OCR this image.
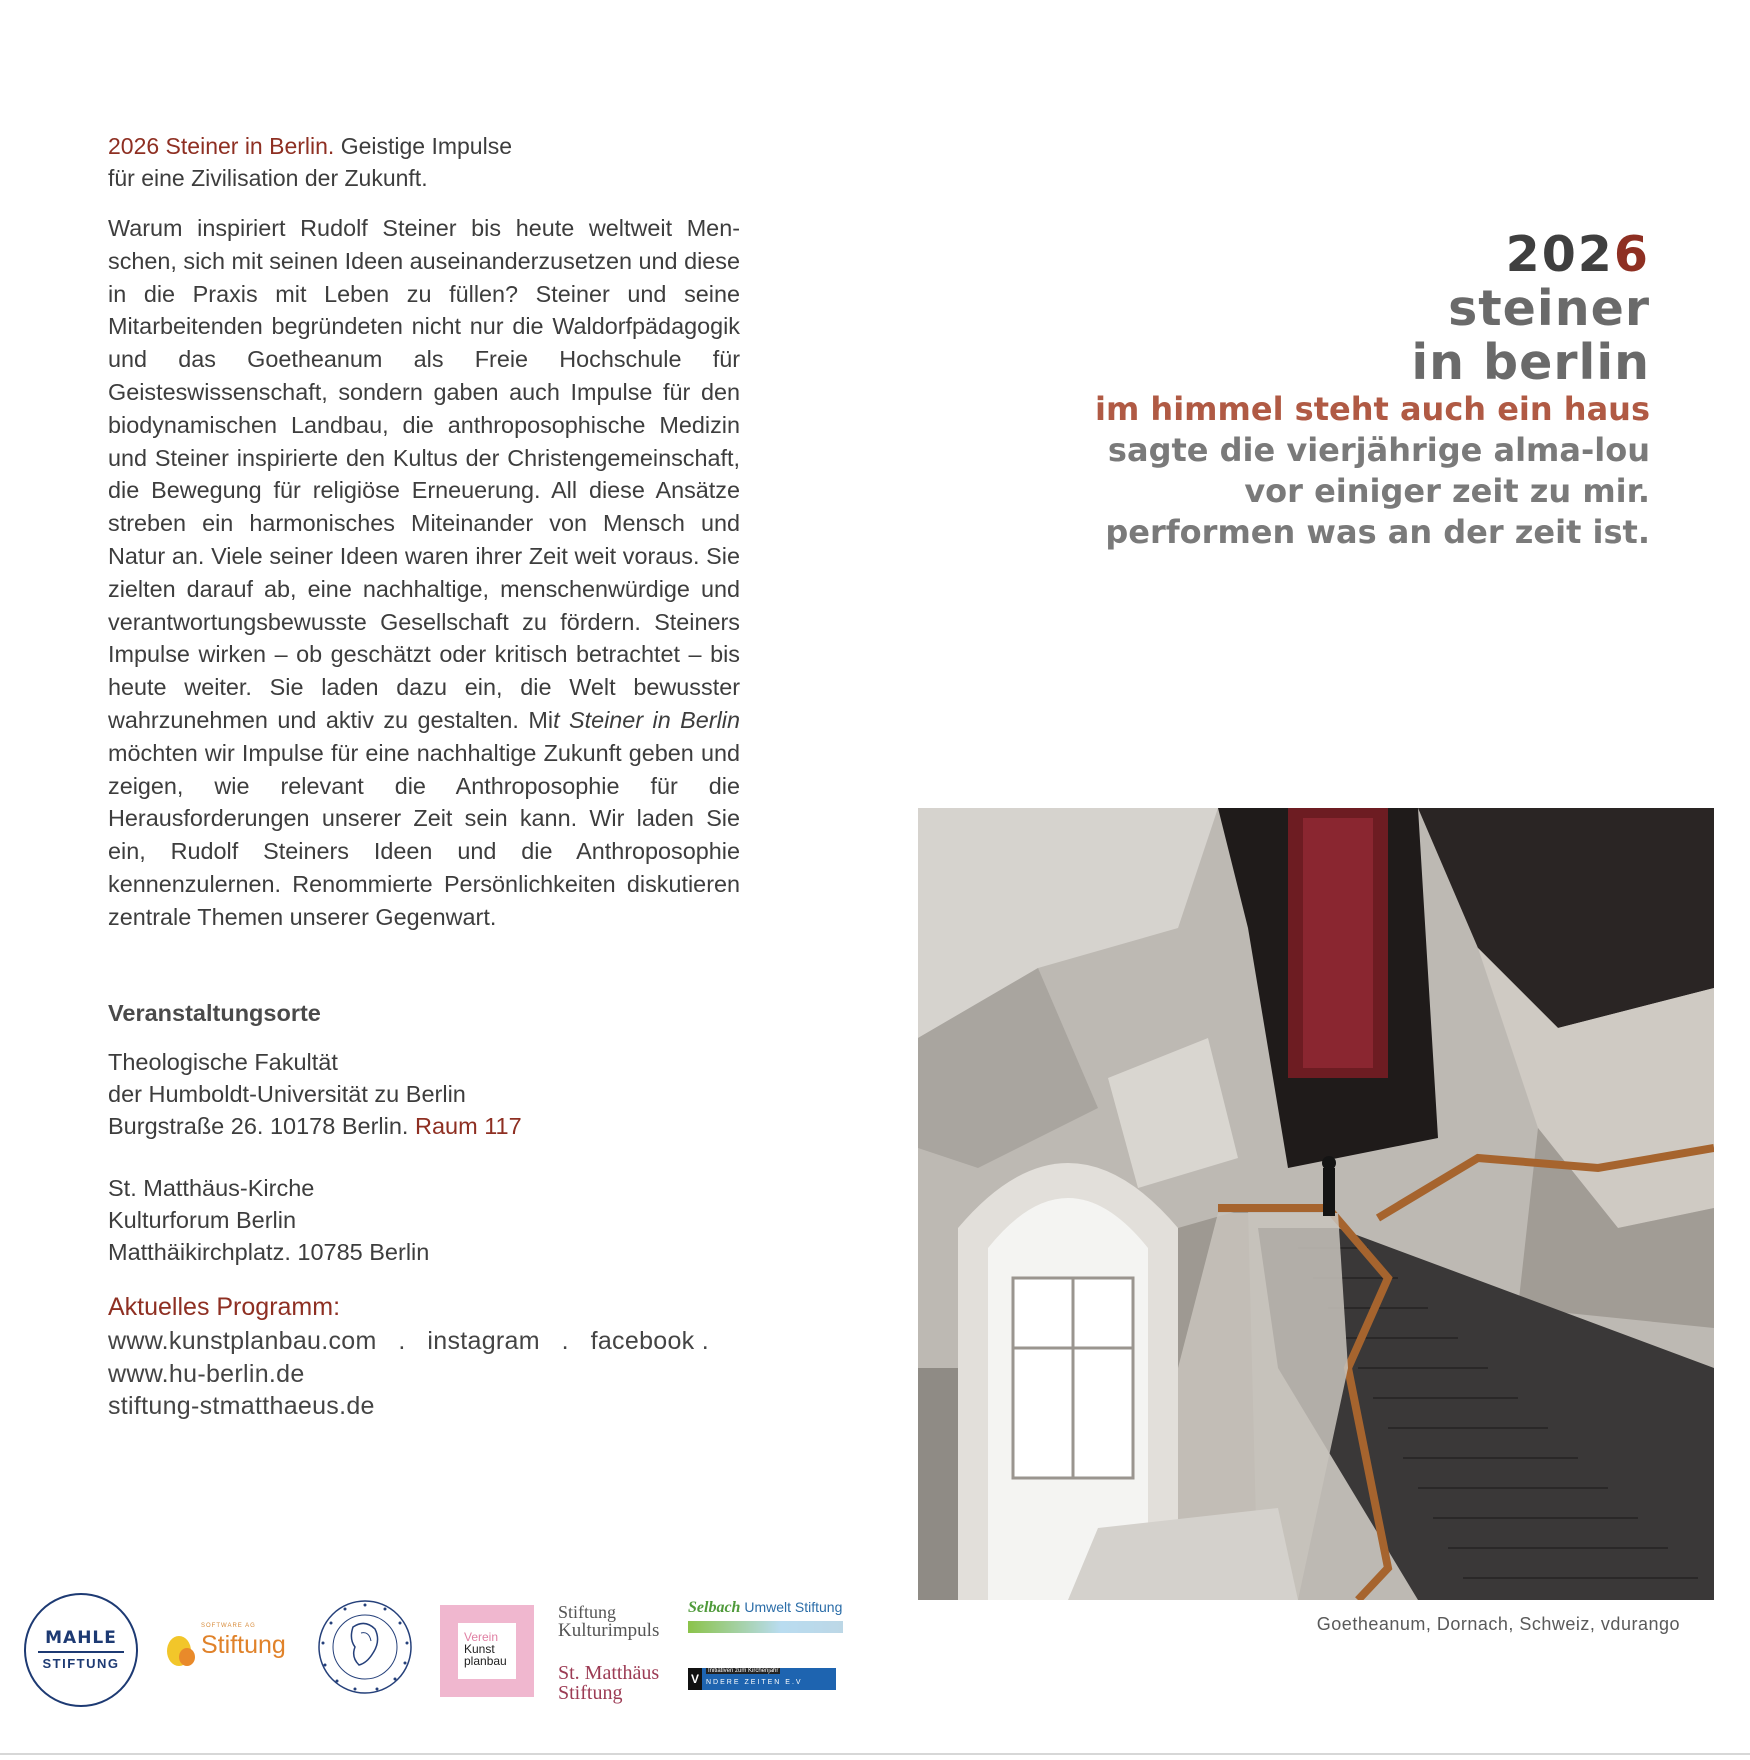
2026 Steiner in Berlin. Geistige Impulse
für eine Zivilisation der Zukunft.

Warum inspiriert Rudolf Steiner bis heute weltweit Menschen, sich mit seinen Ideen auseinanderzusetzen und diese in die Praxis mit Leben zu füllen? Steiner und seine Mitarbeitenden begründeten nicht nur die Waldorfpädagogik und das Goetheanum als Freie Hochschule für Geisteswissenschaft, sondern gaben auch Impulse für den biodynamischen Landbau, die anthroposophische Medizin und Steiner inspirierte den Kultus der Christengemeinschaft, die Bewegung für religiöse Erneuerung. All diese Ansätze streben ein harmonisches Miteinander von Mensch und Natur an. Viele seiner Ideen waren ihrer Zeit weit voraus. Sie zielten darauf ab, eine nachhaltige, menschenwürdige und verantwortungsbewusste Gesellschaft zu fördern. Steiners Impulse wirken – ob geschätzt oder kritisch betrachtet – bis heute weiter. Sie laden dazu ein, die Welt bewusster wahrzunehmen und aktiv zu gestalten. Mit Steiner in Berlin möchten wir Impulse für eine nachhaltige Zukunft geben und zeigen, wie relevant die Anthroposophie für die Herausforderungen unserer Zeit sein kann. Wir laden Sie ein, Rudolf Steiners Ideen und die Anthroposophie kennenzulernen. Renommierte Persönlichkeiten diskutieren zentrale Themen unserer Gegenwart.

Veranstaltungsorte
Theologische Fakultät
der Humboldt-Universität zu Berlin
Burgstraße 26. 10178 Berlin. Raum 117
St. Matthäus-Kirche
Kulturforum Berlin
Matthäikirchplatz. 10785 Berlin
Aktuelles Programm:
www.kunstplanbau.com . instagram . facebook .
www.hu-berlin.de
stiftung-stmatthaeus.de
2026
steiner
in berlin
im himmel steht auch ein haus
sagte die vierjährige alma-lou
vor einiger zeit zu mir.
performen was an der zeit ist.
Goetheanum, Dornach, Schweiz, vdurango
MAHLE
STIFTUNG
SOFTWARE AG
Stiftung	Verein
Kunst
planbau
Stiftung
Kulturimpuls
St. Matthäus
Stiftung
Selbach Umwelt Stiftung
V
Initiativen zum Kirchenjahr
NDERE ZEITEN E.V
